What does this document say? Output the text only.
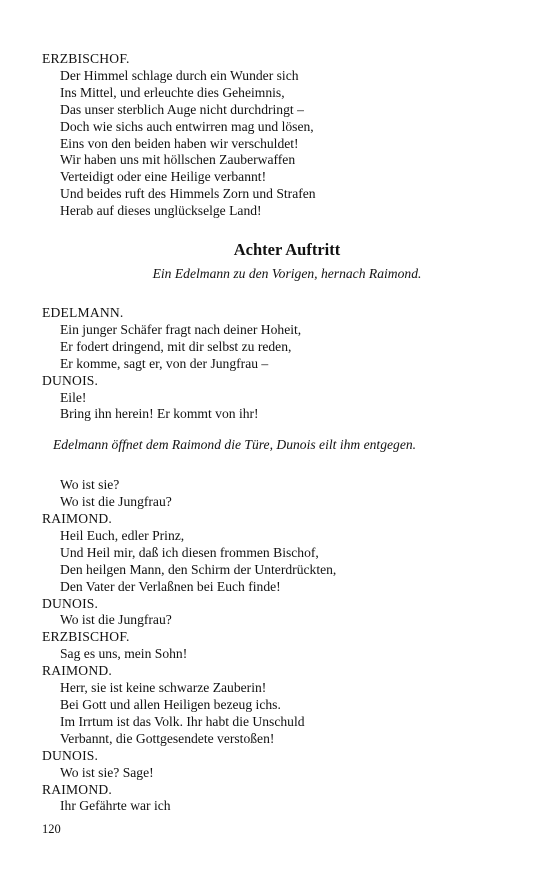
ERZBISCHOF.

Der Himmel schlage durch ein Wunder sich

Ins Mittel, und erleuchte dies Geheimnis,

Das unser sterblich Auge nicht durchdringt –

Doch wie sichs auch entwirren mag und lösen,

Eins von den beiden haben wir verschuldet!

Wir haben uns mit höllschen Zauberwaffen

Verteidigt oder eine Heilige verbannt!

Und beides ruft des Himmels Zorn und Strafen

Herab auf dieses unglückselge Land!

Achter Auftritt

Ein Edelmann zu den Vorigen, hernach Raimond.

EDELMANN.

Ein junger Schäfer fragt nach deiner Hoheit,

Er fodert dringend, mit dir selbst zu reden,

Er komme, sagt er, von der Jungfrau –

DUNOIS.

Eile!

Bring ihn herein! Er kommt von ihr!

Edelmann öffnet dem Raimond die Türe, Dunois eilt ihm entgegen.

Wo ist sie?

Wo ist die Jungfrau?

RAIMOND.

Heil Euch, edler Prinz,

Und Heil mir, daß ich diesen frommen Bischof,

Den heilgen Mann, den Schirm der Unterdrückten,

Den Vater der Verlaßnen bei Euch finde!

DUNOIS.

Wo ist die Jungfrau?

ERZBISCHOF.

Sag es uns, mein Sohn!

RAIMOND.

Herr, sie ist keine schwarze Zauberin!

Bei Gott und allen Heiligen bezeug ichs.

Im Irrtum ist das Volk. Ihr habt die Unschuld

Verbannt, die Gottgesendete verstoßen!

DUNOIS.

Wo ist sie? Sage!

RAIMOND.

Ihr Gefährte war ich

120
